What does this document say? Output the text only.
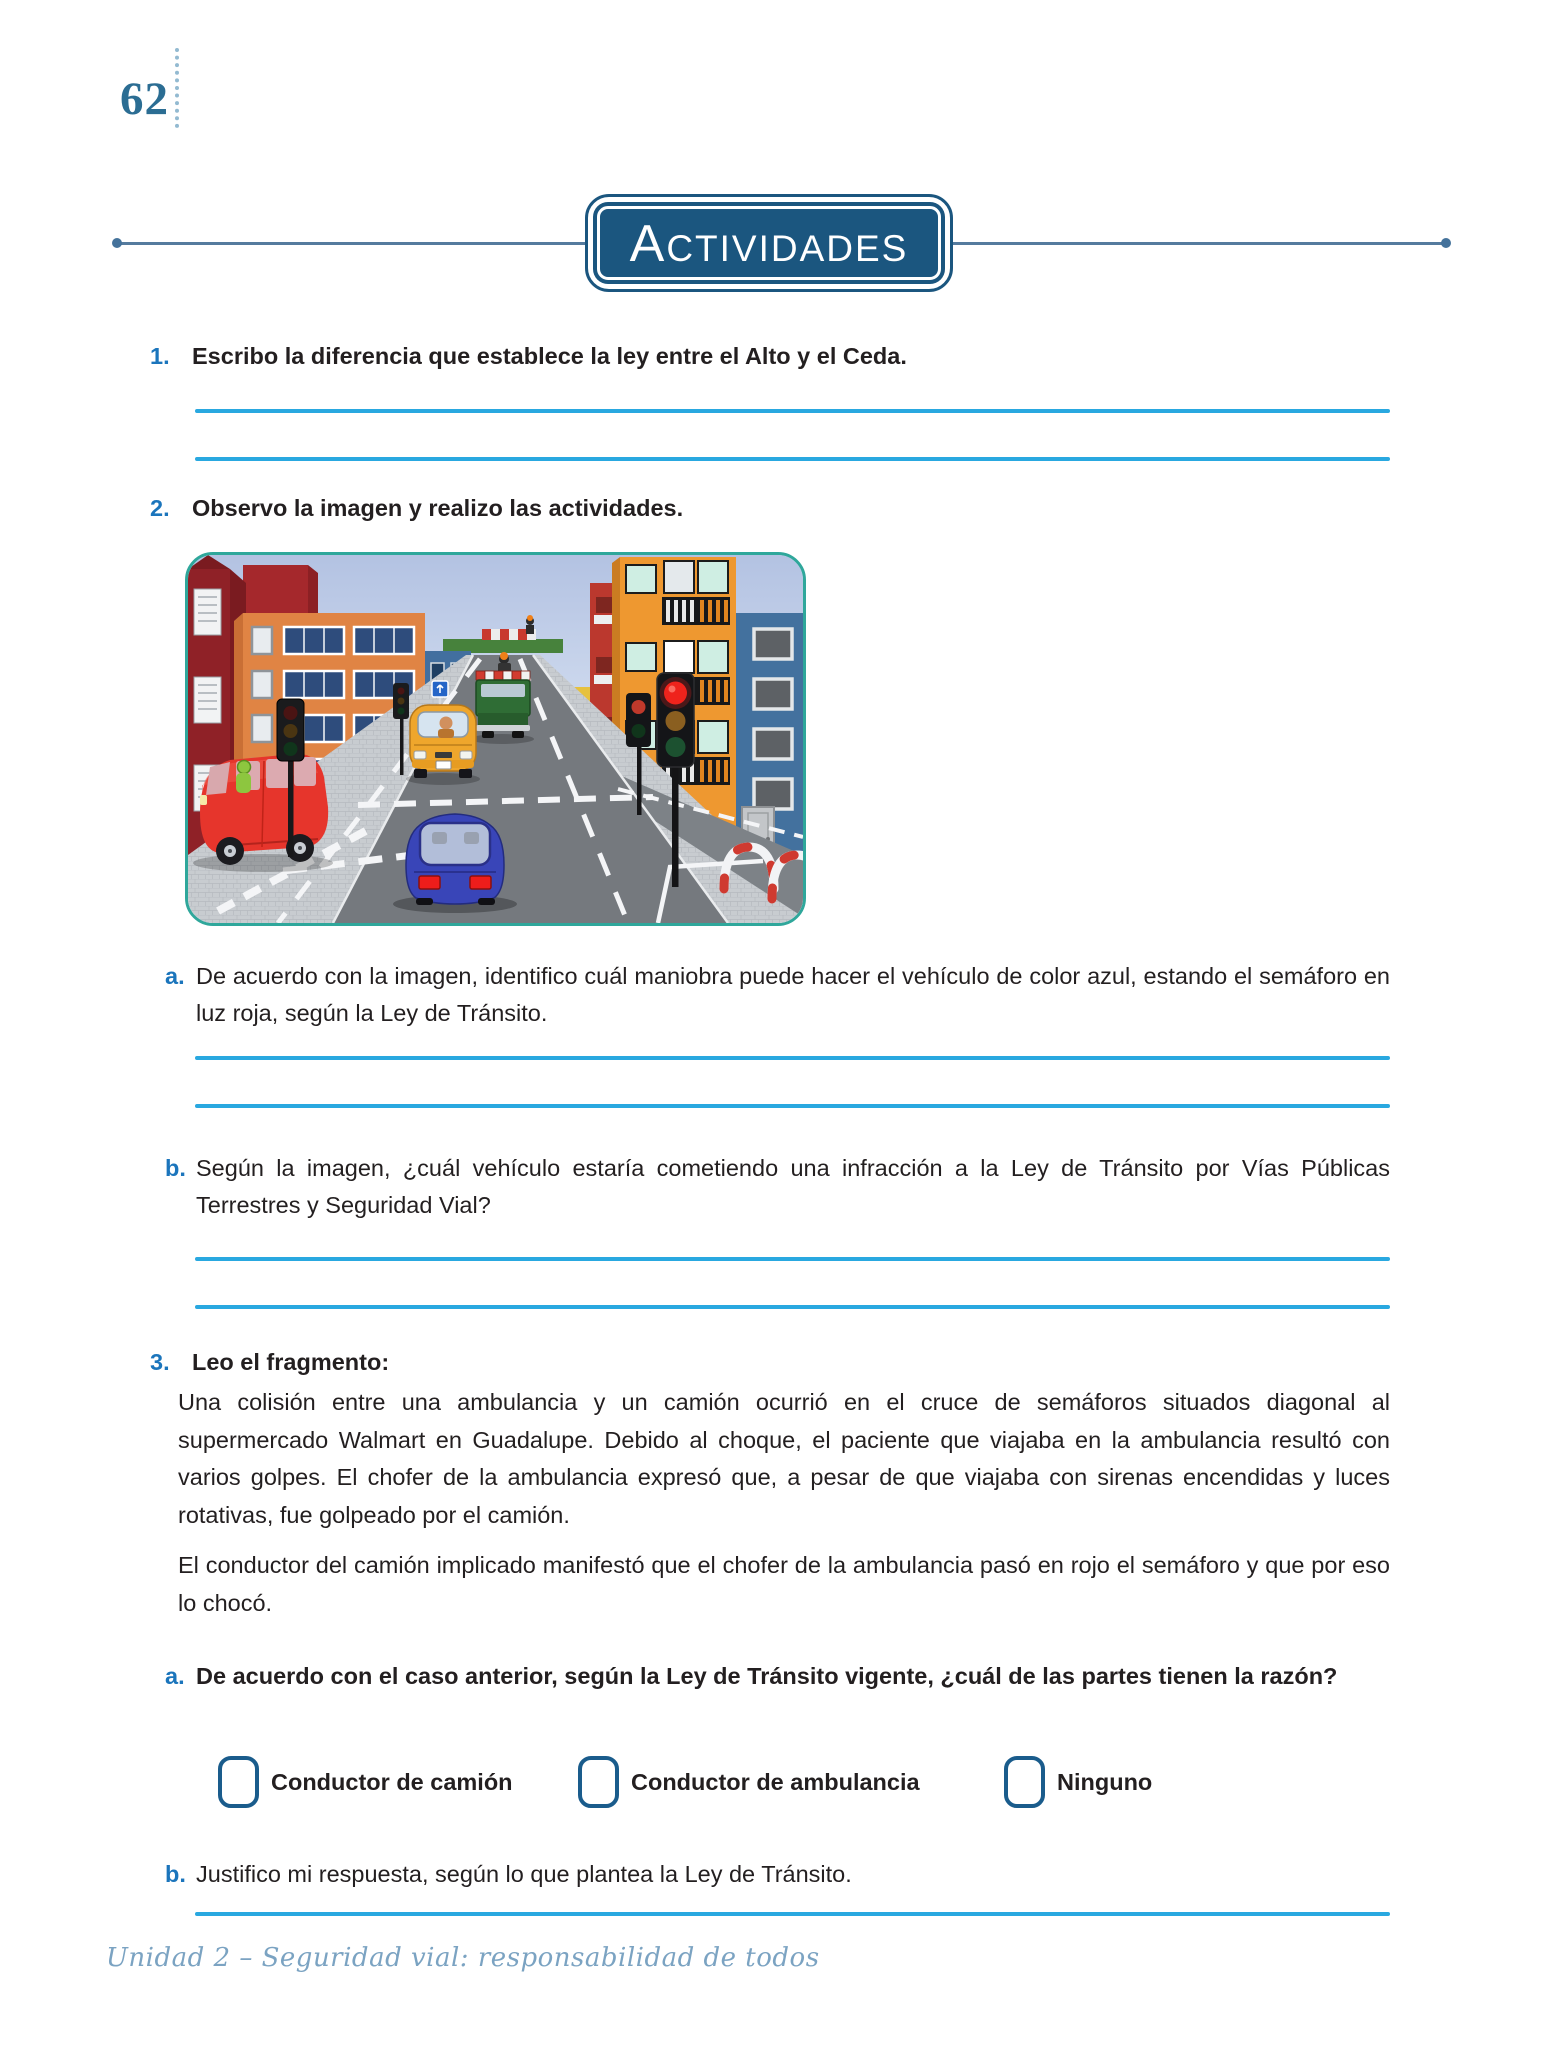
62
ACTIVIDADES
1. Escribo la diferencia que establece la ley entre el Alto y el Ceda.
2. Observo la imagen y realizo las actividades.
a. De acuerdo con la imagen, identifico cuál maniobra puede hacer el vehículo de color azul, estando el semáforo en luz roja, según la Ley de Tránsito.
b. Según la imagen, ¿cuál vehículo estaría cometiendo una infracción a la Ley de Tránsito por Vías Públicas Terrestres y Seguridad Vial?
3. Leo el fragmento:
Una colisión entre una ambulancia y un camión ocurrió en el cruce de semáforos situados diagonal al supermercado Walmart en Guadalupe. Debido al choque, el paciente que viajaba en la ambulancia resultó con varios golpes. El chofer de la ambulancia expresó que, a pesar de que viajaba con sirenas encendidas y luces rotativas, fue golpeado por el camión.
El conductor del camión implicado manifestó que el chofer de la ambulancia pasó en rojo el semáforo y que por eso lo chocó.
a. De acuerdo con el caso anterior, según la Ley de Tránsito vigente, ¿cuál de las partes tienen la razón?
Conductor de camión	Conductor de ambulancia	Ninguno
b. Justifico mi respuesta, según lo que plantea la Ley de Tránsito.
Unidad 2 – Seguridad vial: responsabilidad de todos
